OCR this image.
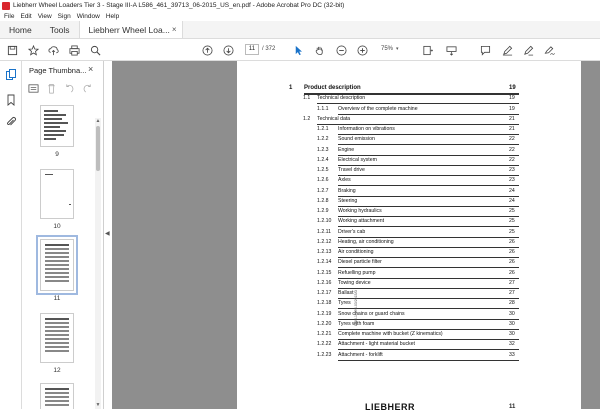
Liebherr Wheel Loaders Tier 3 - Stage III-A L586_461_39713_06-2015_US_en.pdf - Adobe Acrobat Pro DC (32-bit)
File Edit View Sign Window Help
Home	Tools	Liebherr Wheel Loa... ×
11	/ 372	75% ▾
Page Thumbna... ×
9
10
11
12
▲
▼
◀
1 Product description	19
1.1 Technical description	19
1.1.1 Overview of the complete machine	19
1.2 Technical data	21
1.2.1 Information on vibrations	21
1.2.2 Sound emission	22
1.2.3 Engine	22
1.2.4 Electrical system	22
1.2.5 Travel drive	23
1.2.6 Axles	23
1.2.7 Braking	24
1.2.8 Steering	24
1.2.9 Working hydraulics	25
1.2.10 Working attachment	25
1.2.11 Driver's cab	25
1.2.12 Heating, air conditioning	26
1.2.13 Air conditioning	26
1.2.14 Diesel particle filter	26
1.2.15 Refuelling pump	26
1.2.16 Towing device	27
1.2.17 Ballast	27
1.2.18 Tyres	28
1.2.19 Snow chains or guard chains	30
1.2.20 Tyres with foam	30
1.2.21 Complete machine with bucket (Z kinematics)	30
1.2.22 Attachment - light material bucket	32
1.2.23 Attachment - forklift	33
L586-16396-03/2015/D
LIEBHERR	11
